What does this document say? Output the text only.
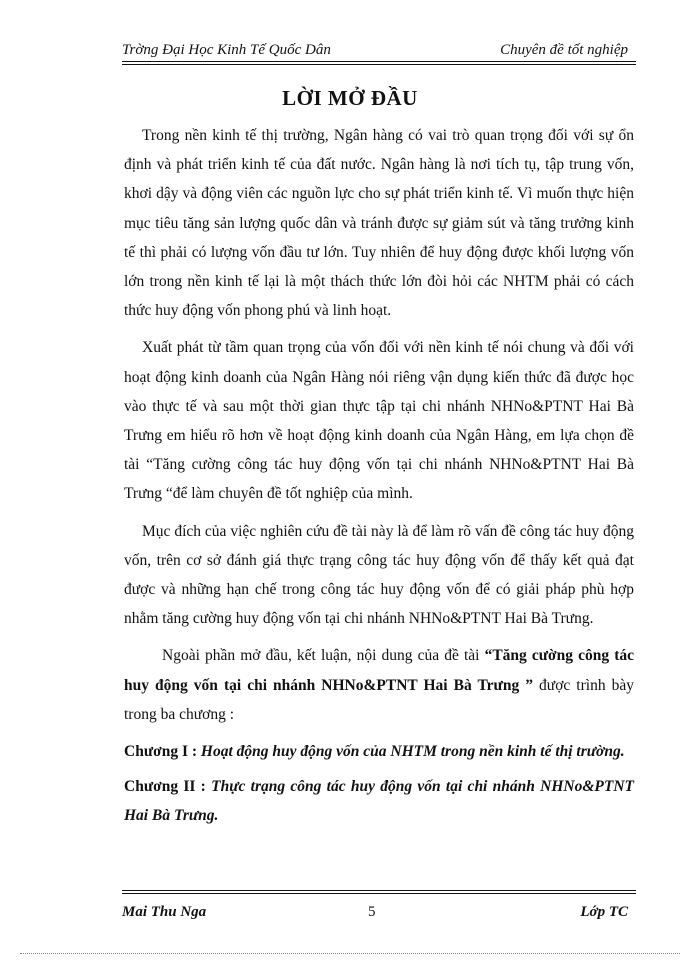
Trờng Đại Học Kinh Tế Quốc Dân	Chuyên đề tốt nghiệp
LỜI MỞ ĐẦU

Trong nền kinh tế thị trường, Ngân hàng có vai trò quan trọng đối với sự ổn định và phát triển kinh tế của đất nước. Ngân hàng là nơi tích tụ, tập trung vốn, khơi dậy và động viên các nguồn lực cho sự phát triển kinh tế. Vì muốn thực hiện mục tiêu tăng sản lượng quốc dân và tránh được sự giảm sút và tăng trưởng kinh tế thì phải có lượng vốn đầu tư lớn. Tuy nhiên để huy động được khối lượng vốn lớn trong nền kinh tế lại là một thách thức lớn đòi hỏi các NHTM phải có cách thức huy động vốn phong phú và linh hoạt.

Xuất phát từ tầm quan trọng của vốn đối với nền kinh tế nói chung và đối với hoạt động kinh doanh của Ngân Hàng nói riêng vận dụng kiến thức đã được học vào thực tế và sau một thời gian thực tập tại chi nhánh NHNo&PTNT Hai Bà Trưng em hiểu rõ hơn về hoạt động kinh doanh của Ngân Hàng, em lựa chọn đề tài “Tăng cường công tác huy động vốn tại chi nhánh NHNo&PTNT Hai Bà Trưng “để làm chuyên đề tốt nghiệp của mình.

Mục đích của việc nghiên cứu đề tài này là để làm rõ vấn đề công tác huy động vốn, trên cơ sở đánh giá thực trạng công tác huy động vốn để thấy kết quả đạt được và những hạn chế trong công tác huy động vốn để có giải pháp phù hợp nhằm tăng cường huy động vốn tại chi nhánh NHNo&PTNT Hai Bà Trưng.

Ngoài phần mở đầu, kết luận, nội dung của đề tài “Tăng cường công tác huy động vốn tại chi nhánh NHNo&PTNT Hai Bà Trưng ” được trình bày trong ba chương :

Chương I : Hoạt động huy động vốn của NHTM trong nền kinh tế thị trường.

Chương II : Thực trạng công tác huy động vốn tại chi nhánh NHNo&PTNT Hai Bà Trưng.

Mai Thu Nga	5	Lớp TC
